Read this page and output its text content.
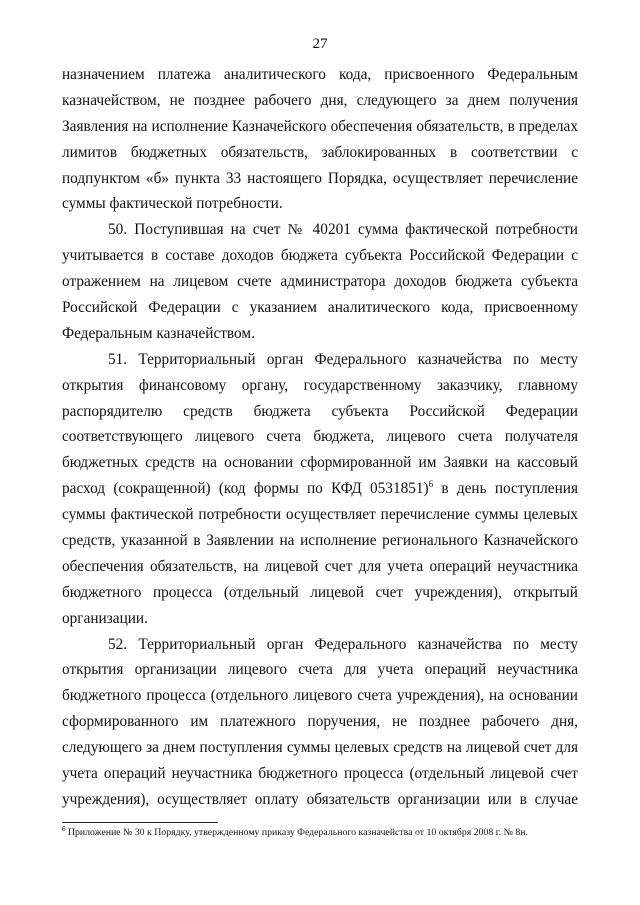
27
назначением платежа аналитического кода, присвоенного Федеральным
казначейством, не позднее рабочего дня, следующего за днем получения
Заявления на исполнение Казначейского обеспечения обязательств, в пределах
лимитов бюджетных обязательств, заблокированных в соответствии с
подпунктом «б» пункта 33 настоящего Порядка, осуществляет перечисление
суммы фактической потребности.
50. Поступившая на счет № 40201 сумма фактической потребности
учитывается в составе доходов бюджета субъекта Российской Федерации с
отражением на лицевом счете администратора доходов бюджета субъекта
Российской Федерации с указанием аналитического кода, присвоенному
Федеральным казначейством.
51. Территориальный орган Федерального казначейства по месту
открытия финансовому органу, государственному заказчику, главному
распорядителю средств бюджета субъекта Российской Федерации
соответствующего лицевого счета бюджета, лицевого счета получателя
бюджетных средств на основании сформированной им Заявки на кассовый
расход (сокращенной) (код формы по КФД 0531851)$^6$ в день поступления
суммы фактической потребности осуществляет перечисление суммы целевых
средств, указанной в Заявлении на исполнение регионального Казначейского
обеспечения обязательств, на лицевой счет для учета операций неучастника
бюджетного процесса (отдельный лицевой счет учреждения), открытый
организации.
52. Территориальный орган Федерального казначейства по месту
открытия организации лицевого счета для учета операций неучастника
бюджетного процесса (отдельного лицевого счета учреждения), на основании
сформированного им платежного поручения, не позднее рабочего дня,
следующего за днем поступления суммы целевых средств на лицевой счет для
учета операций неучастника бюджетного процесса (отдельный лицевой счет
учреждения), осуществляет оплату обязательств организации или в случае
$^6$ Приложение № 30 к Порядку, утвержденному приказу Федерального казначейства от 10 октября 2008 г. № 8н.
